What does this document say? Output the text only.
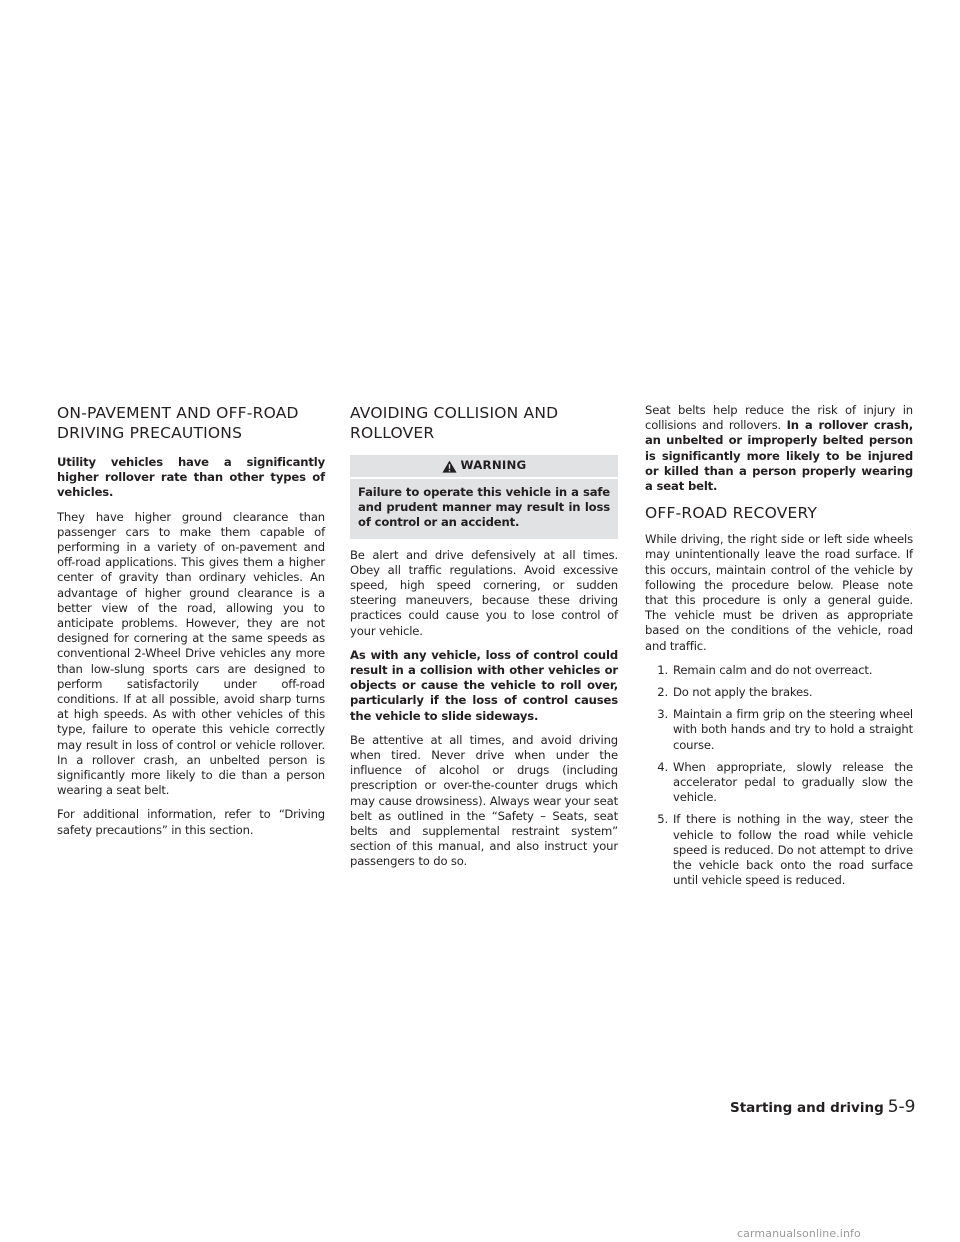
ON-PAVEMENT AND OFF-ROAD DRIVING PRECAUTIONS

Utility vehicles have a significantly higher rollover rate than other types of vehicles.

They have higher ground clearance than passenger cars to make them capable of performing in a variety of on-pavement and off-road applications. This gives them a higher center of gravity than ordinary vehicles. An advantage of higher ground clearance is a better view of the road, allowing you to anticipate problems. However, they are not designed for cornering at the same speeds as conventional 2-Wheel Drive vehicles any more than low-slung sports cars are designed to perform satisfactorily under off-road conditions. If at all possible, avoid sharp turns at high speeds. As with other vehicles of this type, failure to operate this vehicle correctly may result in loss of control or vehicle rollover. In a rollover crash, an unbelted person is significantly more likely to die than a person wearing a seat belt.

For additional information, refer to “Driving safety precautions” in this section.

AVOIDING COLLISION AND ROLLOVER
WARNING
Failure to operate this vehicle in a safe and prudent manner may result in loss of control or an accident.

Be alert and drive defensively at all times. Obey all traffic regulations. Avoid excessive speed, high speed cornering, or sudden steering maneuvers, because these driving practices could cause you to lose control of your vehicle.

As with any vehicle, loss of control could result in a collision with other vehicles or objects or cause the vehicle to roll over, particularly if the loss of control causes the vehicle to slide sideways.

Be attentive at all times, and avoid driving when tired. Never drive when under the influence of alcohol or drugs (including prescription or over-the-counter drugs which may cause drowsiness). Always wear your seat belt as outlined in the “Safety – Seats, seat belts and supplemental restraint system” section of this manual, and also instruct your passengers to do so.

Seat belts help reduce the risk of injury in collisions and rollovers. In a rollover crash, an unbelted or improperly belted person is significantly more likely to be injured or killed than a person properly wearing a seat belt.

OFF-ROAD RECOVERY

While driving, the right side or left side wheels may unintentionally leave the road surface. If this occurs, maintain control of the vehicle by following the procedure below. Please note that this procedure is only a general guide. The vehicle must be driven as appropriate based on the conditions of the vehicle, road and traffic.

1. Remain calm and do not overreact.
2. Do not apply the brakes.
3. Maintain a firm grip on the steering wheel with both hands and try to hold a straight course.
4. When appropriate, slowly release the accelerator pedal to gradually slow the vehicle.
5. If there is nothing in the way, steer the vehicle to follow the road while vehicle speed is reduced. Do not attempt to drive the vehicle back onto the road surface until vehicle speed is reduced.
Starting and driving 5-9
carmanualsonline.info
